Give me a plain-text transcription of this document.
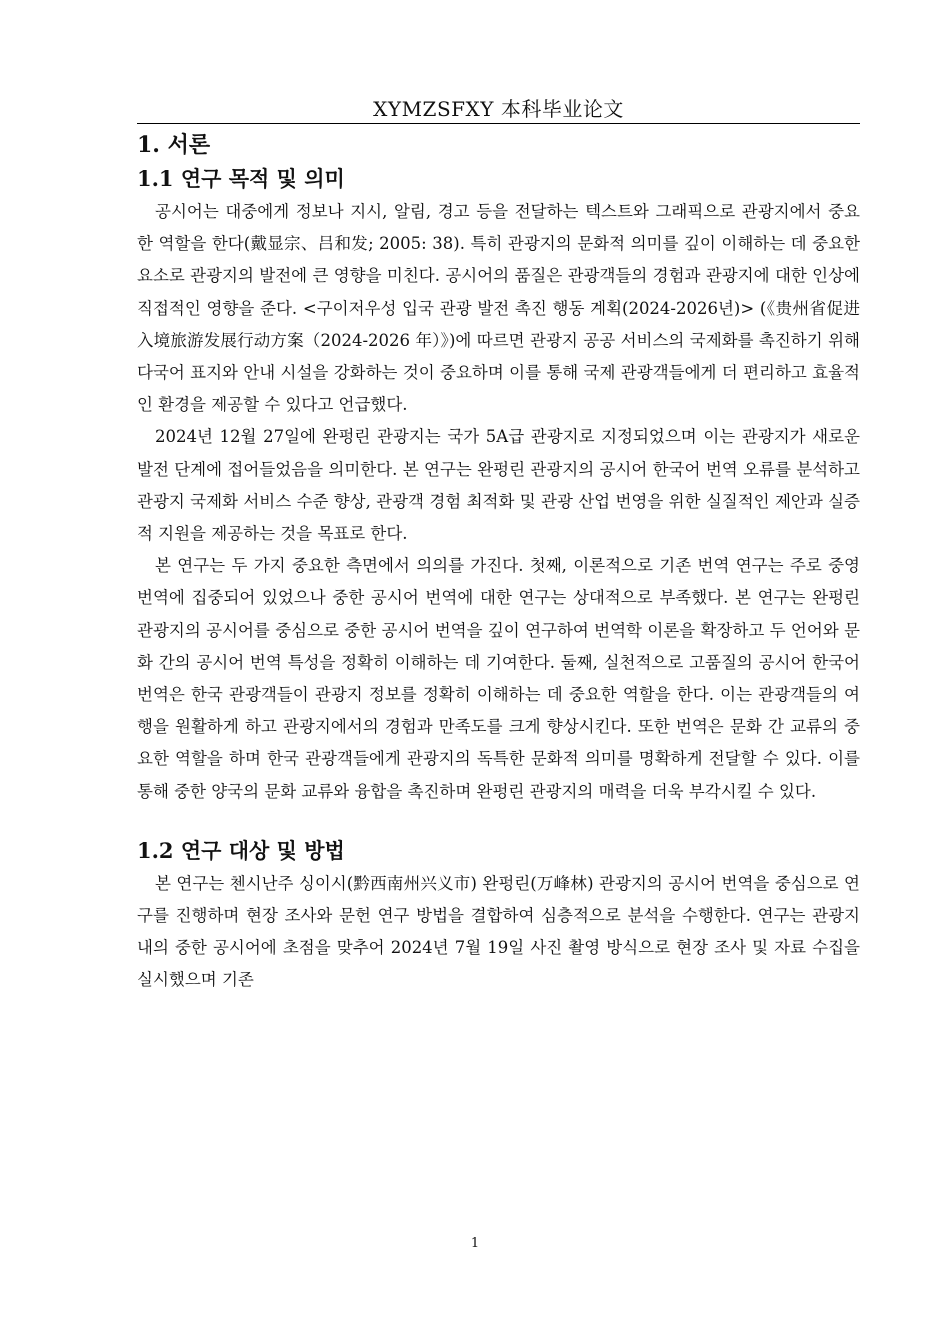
XYMZSFXY 本科毕业论文
1. 서론
1.1 연구 목적 및 의미

공시어는 대중에게 정보나 지시, 알림, 경고 등을 전달하는 텍스트와 그래픽으로 관광지에서 중요한 역할을 한다(戴显宗、吕和发; 2005: 38). 특히 관광지의 문화적 의미를 깊이 이해하는 데 중요한 요소로 관광지의 발전에 큰 영향을 미친다. 공시어의 품질은 관광객들의 경험과 관광지에 대한 인상에 직접적인 영향을 준다. <구이저우성 입국 관광 발전 촉진 행동 계획(2024-2026년)> (《贵州省促进入境旅游发展行动方案（2024-2026 年）》)에 따르면 관광지 공공 서비스의 국제화를 촉진하기 위해 다국어 표지와 안내 시설을 강화하는 것이 중요하며 이를 통해 국제 관광객들에게 더 편리하고 효율적인 환경을 제공할 수 있다고 언급했다.

2024년 12월 27일에 완펑린 관광지는 국가 5A급 관광지로 지정되었으며 이는 관광지가 새로운 발전 단계에 접어들었음을 의미한다. 본 연구는 완펑린 관광지의 공시어 한국어 번역 오류를 분석하고 관광지 국제화 서비스 수준 향상, 관광객 경험 최적화 및 관광 산업 번영을 위한 실질적인 제안과 실증적 지원을 제공하는 것을 목표로 한다.

본 연구는 두 가지 중요한 측면에서 의의를 가진다. 첫째, 이론적으로 기존 번역 연구는 주로 중영 번역에 집중되어 있었으나 중한 공시어 번역에 대한 연구는 상대적으로 부족했다. 본 연구는 완펑린 관광지의 공시어를 중심으로 중한 공시어 번역을 깊이 연구하여 번역학 이론을 확장하고 두 언어와 문화 간의 공시어 번역 특성을 정확히 이해하는 데 기여한다. 둘째, 실천적으로 고품질의 공시어 한국어 번역은 한국 관광객들이 관광지 정보를 정확히 이해하는 데 중요한 역할을 한다. 이는 관광객들의 여행을 원활하게 하고 관광지에서의 경험과 만족도를 크게 향상시킨다. 또한 번역은 문화 간 교류의 중요한 역할을 하며 한국 관광객들에게 관광지의 독특한 문화적 의미를 명확하게 전달할 수 있다. 이를 통해 중한 양국의 문화 교류와 융합을 촉진하며 완펑린 관광지의 매력을 더욱 부각시킬 수 있다.

1.2 연구 대상 및 방법

본 연구는 첸시난주 싱이시(黔西南州兴义市) 완펑린(万峰林) 관광지의 공시어 번역을 중심으로 연구를 진행하며 현장 조사와 문헌 연구 방법을 결합하여 심층적으로 분석을 수행한다. 연구는 관광지 내의 중한 공시어에 초점을 맞추어 2024년 7월 19일 사진 촬영 방식으로 현장 조사 및 자료 수집을 실시했으며 기존

1
